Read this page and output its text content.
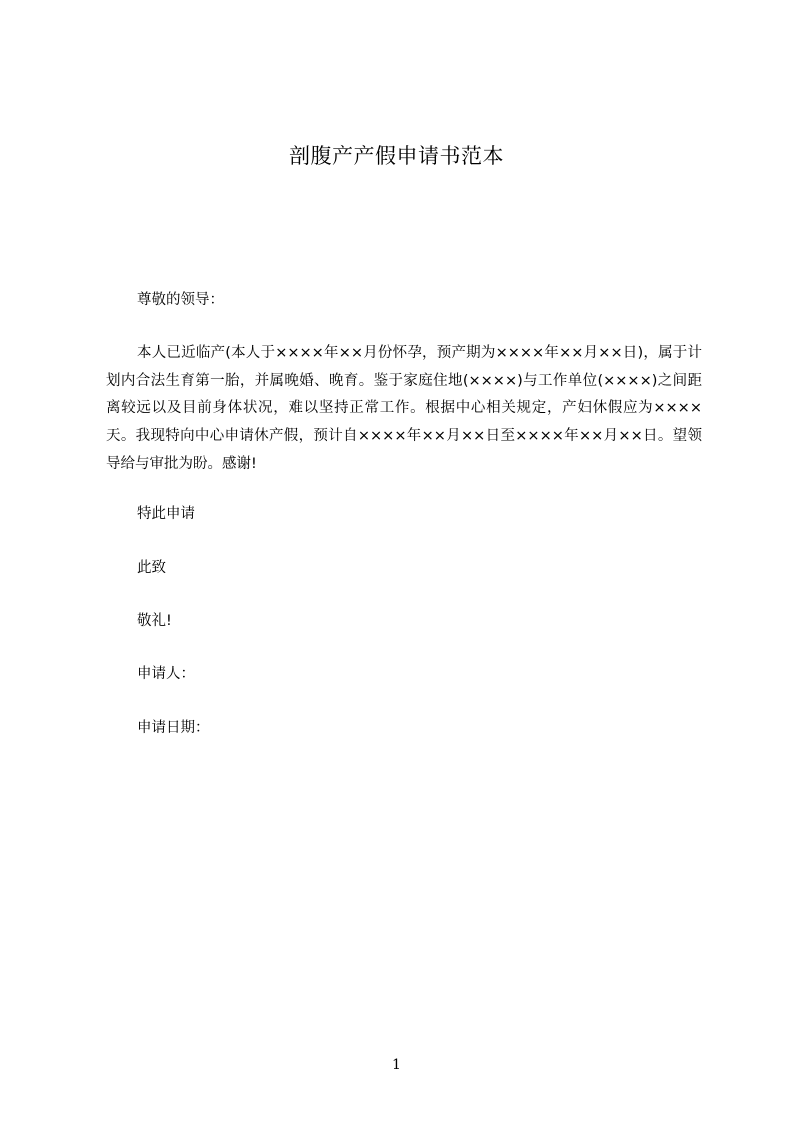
剖腹产产假申请书范本
尊敬的领导：
本人已近临产(本人于××××年××月份怀孕，预产期为××××年××月××日)，属于计划内合法生育第一胎，并属晚婚、晚育。鉴于家庭住地(××××)与工作单位(××××)之间距离较远以及目前身体状况，难以坚持正常工作。根据中心相关规定，产妇休假应为××××天。我现特向中心申请休产假，预计自××××年××月××日至××××年××月××日。望领导给与审批为盼。感谢!
特此申请
此致
敬礼!
申请人：
申请日期：
1
